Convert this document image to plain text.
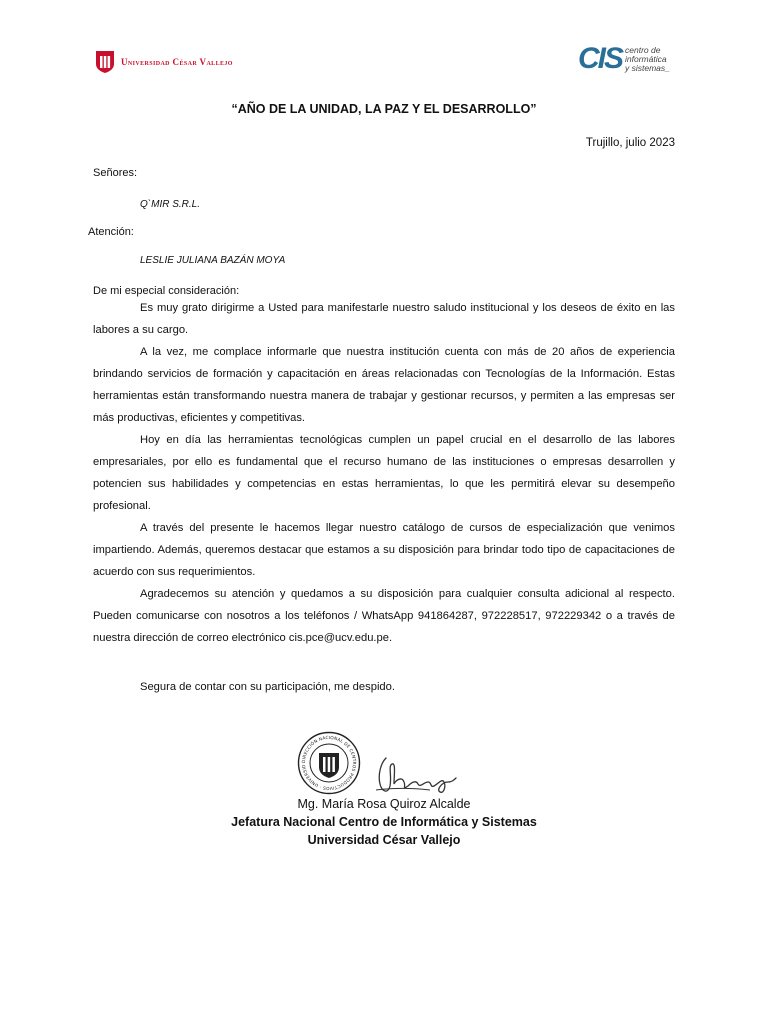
Universidad César Vallejo	CIS centro de
informática
y sistemas_
“AÑO DE LA UNIDAD, LA PAZ Y EL DESARROLLO”
Trujillo, julio 2023
Señores:
Q`MIR S.R.L.
Atención:
LESLIE JULIANA BAZÁN MOYA
De mi especial consideración:

Es muy grato dirigirme a Usted para manifestarle nuestro saludo institucional y los deseos de éxito en las labores a su cargo.

A la vez, me complace informarle que nuestra institución cuenta con más de 20 años de experiencia brindando servicios de formación y capacitación en áreas relacionadas con Tecnologías de la Información. Estas herramientas están transformando nuestra manera de trabajar y gestionar recursos, y permiten a las empresas ser más productivas, eficientes y competitivas.

Hoy en día las herramientas tecnológicas cumplen un papel crucial en el desarrollo de las labores empresariales, por ello es fundamental que el recurso humano de las instituciones o empresas desarrollen y potencien sus habilidades y competencias en estas herramientas, lo que les permitirá elevar su desempeño profesional.

A través del presente le hacemos llegar nuestro catálogo de cursos de especialización que venimos impartiendo. Además, queremos destacar que estamos a su disposición para brindar todo tipo de capacitaciones de acuerdo con sus requerimientos.

Agradecemos su atención y quedamos a su disposición para cualquier consulta adicional al respecto. Pueden comunicarse con nosotros a los teléfonos / WhatsApp 941864287, 972228517, 972229342 o a través de nuestra dirección de correo electrónico cis.pce@ucv.edu.pe.

Segura de contar con su participación, me despido.
DIRECCIÓN NACIONAL DE CENTROS PRODUCTIVOS · UNIVERSID
Mg. María Rosa Quiroz Alcalde
Jefatura Nacional Centro de Informática y Sistemas
Universidad César Vallejo
